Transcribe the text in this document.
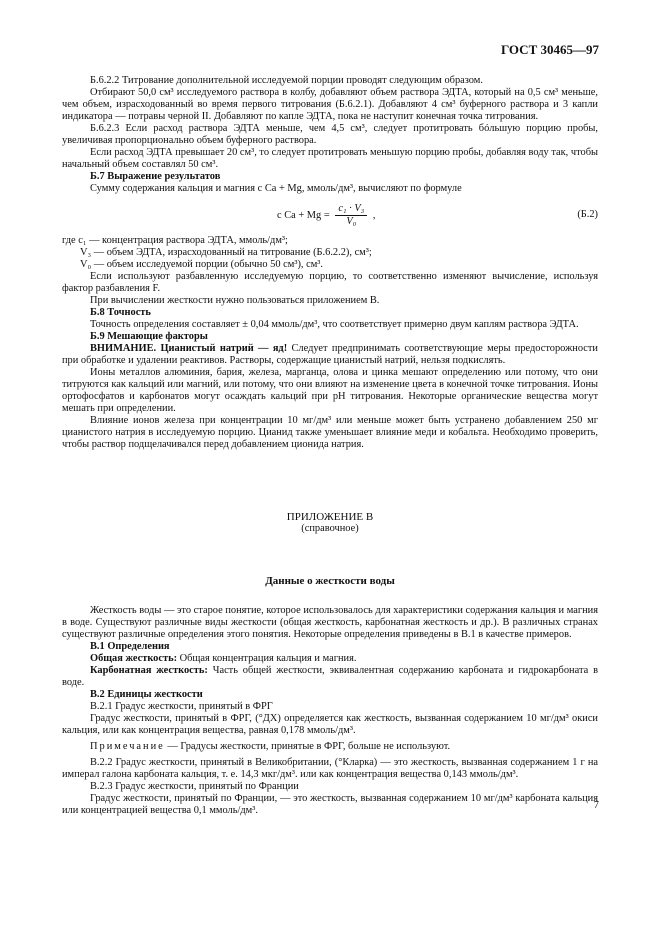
ГОСТ 30465—97

Б.6.2.2 Титрование дополнительной исследуемой порции проводят следующим образом.

Отбирают 50,0 см³ исследуемого раствора в колбу, добавляют объем раствора ЭДТА, который на 0,5 см³ меньше, чем объем, израсходованный во время первого титрования (Б.6.2.1). Добавляют 4 см³ буферного раствора и 3 капли индикатора — потравы черной II. Добавляют по капле ЭДТА, пока не наступит конечная точка титрования.

Б.6.2.3 Если расход раствора ЭДТА меньше, чем 4,5 см³, следует протитровать бóльшую порцию пробы, увеличивая пропорционально объем буферного раствора.

Если расход ЭДТА превышает 20 см³, то следует протитровать меньшую порцию пробы, добавляя воду так, чтобы начальный объем составлял 50 см³.

Б.7 Выражение результатов

Сумму содержания кальция и магния c Ca + Mg, ммоль/дм³, вычисляют по формуле

c $Ca + Mg = \frac{\text{c₁ · V₃}}{\text{V₀}}$ ,	(Б.2)

где c₁ — концентрация раствора ЭДТА, ммоль/дм³;

V₃ — объем ЭДТА, израсходованный на титрование (Б.6.2.2), см³;

V₀ — объем исследуемой порции (обычно 50 см³), см³.

Если используют разбавленную исследуемую порцию, то соответственно изменяют вычисление, используя фактор разбавления F.

При вычислении жесткости нужно пользоваться приложением В.

Б.8 Точность

Точность определения составляет ± 0,04 ммоль/дм³, что соответствует примерно двум каплям раствора ЭДТА.

Б.9 Мешающие факторы

ВНИМАНИЕ. Цианистый натрий — яд! Следует предпринимать соответствующие меры предосторожности при обработке и удалении реактивов. Растворы, содержащие цианистый натрий, нельзя подкислять.

Ионы металлов алюминия, бария, железа, марганца, олова и цинка мешают определению или потому, что они титруются как кальций или магний, или потому, что они влияют на изменение цвета в конечной точке титрования. Ионы ортофосфатов и карбонатов могут осаждать кальций при рН титрования. Некоторые органические вещества могут мешать при определении.

Влияние ионов железа при концентрации 10 мг/дм³ или меньше может быть устранено добавлением 250 мг цианистого натрия в исследуемую порцию. Цианид также уменьшает влияние меди и кобальта. Необходимо проверить, чтобы раствор подщелачивался перед добавлением ционида натрия.

ПРИЛОЖЕНИЕ В
(справочное)
Данные о жесткости воды

Жесткость воды — это старое понятие, которое использовалось для характеристики содержания кальция и магния в воде. Существуют различные виды жесткости (общая жесткость, карбонатная жесткость и др.). В различных странах существуют различные определения этого понятия. Некоторые определения приведены в В.1 в качестве примеров.

В.1 Определения

Общая жесткость: Общая концентрация кальция и магния.

Карбонатная жесткость: Часть общей жесткости, эквивалентная содержанию карбоната и гидрокарбоната в воде.

В.2 Единицы жесткости

В.2.1 Градус жесткости, принятый в ФРГ

Градус жесткости, принятый в ФРГ, (°ДХ) определяется как жесткость, вызванная содержанием 10 мг/дм³ окиси кальция, или как концентрация вещества, равная 0,178 ммоль/дм³.

Примечание — Градусы жесткости, принятые в ФРГ, больше не используют.

В.2.2 Градус жесткости, принятый в Великобритании, (°Кларка) — это жесткость, вызванная содержанием 1 г на имперал галона карбоната кальция, т. е. 14,3 мкг/дм³. или как концентрация вещества 0,143 ммоль/дм³.

В.2.3 Градус жесткости, принятый по Франции

Градус жесткости, принятый по Франции, — это жесткость, вызванная содержанием 10 мг/дм³ карбоната кальция или концентрацией вещества 0,1 ммоль/дм³.	7
